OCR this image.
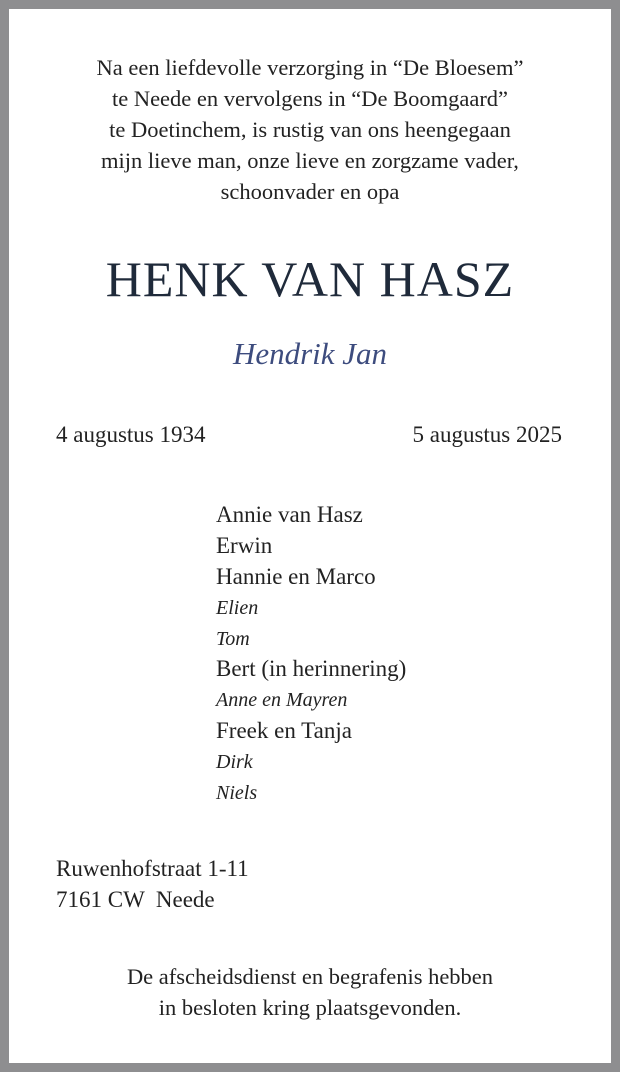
Na een liefdevolle verzorging in “De Bloesem”
te Neede en vervolgens in “De Boomgaard”
te Doetinchem, is rustig van ons heengegaan
mijn lieve man, onze lieve en zorgzame vader,
schoonvader en opa
HENK VAN HASZ
Hendrik Jan
4 augustus 1934	5 augustus 2025
Annie van Hasz
Erwin
Hannie en Marco
Elien
Tom
Bert (in herinnering)
Anne en Mayren
Freek en Tanja
Dirk
Niels
Ruwenhofstraat 1-11
7161 CW  Neede
De afscheidsdienst en begrafenis hebben
in besloten kring plaatsgevonden.
